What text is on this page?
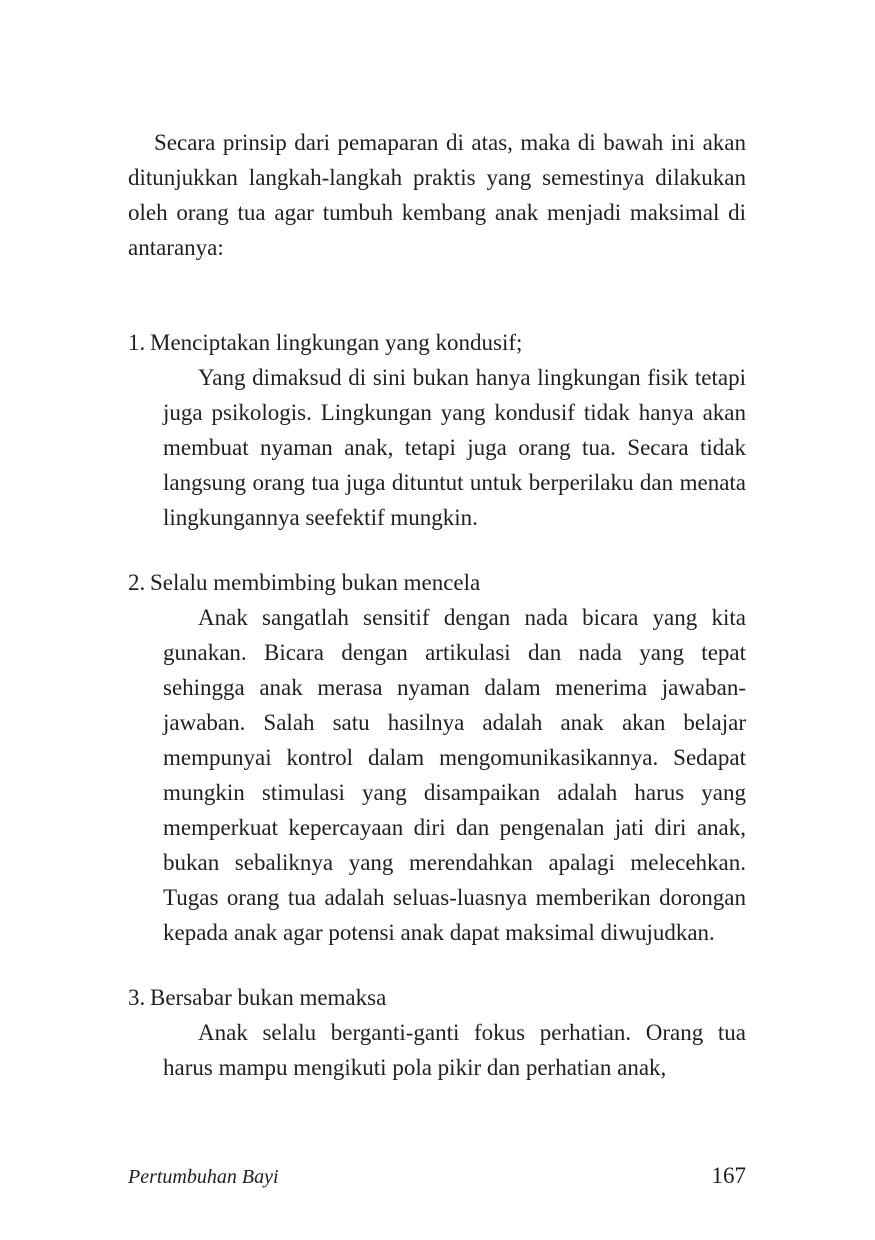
Secara prinsip dari pemaparan di atas, maka di bawah ini akan ditunjukkan langkah-langkah praktis yang semestinya dilakukan oleh orang tua agar tumbuh kembang anak menjadi maksimal di antaranya:

1. Menciptakan lingkungan yang kondusif;

Yang dimaksud di sini bukan hanya lingkungan fisik tetapi juga psikologis. Lingkungan yang kondusif tidak hanya akan membuat nyaman anak, tetapi juga orang tua. Secara tidak langsung orang tua juga dituntut untuk berperilaku dan menata lingkungannya seefektif mungkin.

2. Selalu membimbing bukan mencela

Anak sangatlah sensitif dengan nada bicara yang kita gunakan. Bicara dengan artikulasi dan nada yang tepat sehingga anak merasa nyaman dalam menerima jawaban-jawaban. Salah satu hasilnya adalah anak akan belajar mempunyai kontrol dalam mengomunikasikannya. Sedapat mungkin stimulasi yang disampaikan adalah harus yang memperkuat kepercayaan diri dan pengenalan jati diri anak, bukan sebaliknya yang merendahkan apalagi melecehkan. Tugas orang tua adalah seluas-luasnya memberikan dorongan kepada anak agar potensi anak dapat maksimal diwujudkan.

3. Bersabar bukan memaksa

Anak selalu berganti-ganti fokus perhatian. Orang tua harus mampu mengikuti pola pikir dan perhatian anak,

Pertumbuhan Bayi	167
